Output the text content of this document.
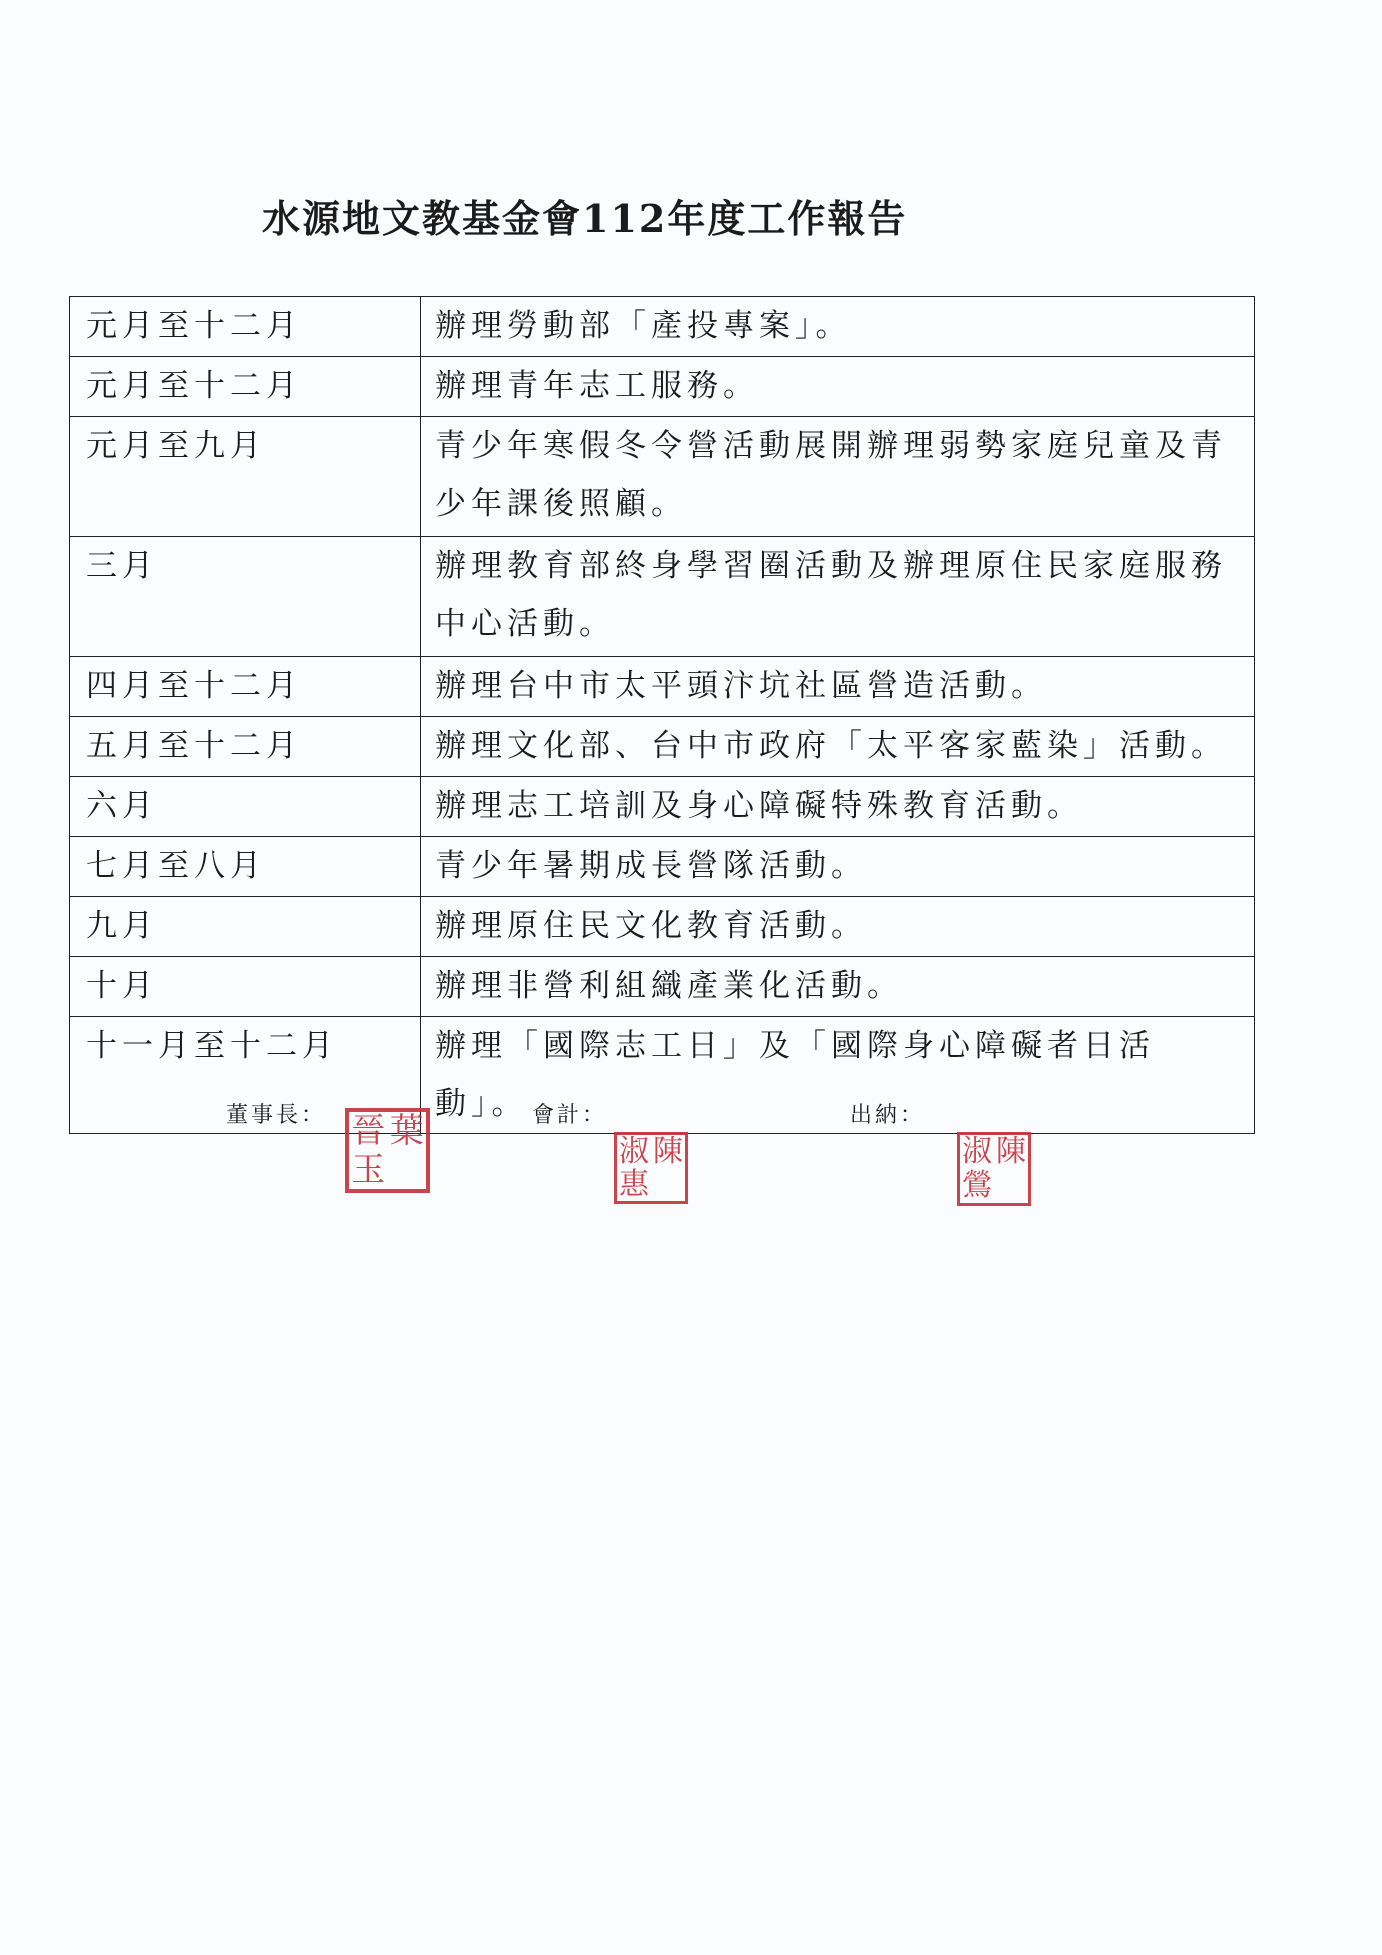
水源地文教基金會112年度工作報告
元月至十二月	辦理勞動部「產投專案」。
元月至十二月	辦理青年志工服務。
元月至九月	青少年寒假冬令營活動展開辦理弱勢家庭兒童及青少年課後照顧。
三月	辦理教育部終身學習圈活動及辦理原住民家庭服務中心活動。
四月至十二月	辦理台中市太平頭汴坑社區營造活動。
五月至十二月	辦理文化部、台中市政府「太平客家藍染」活動。
六月	辦理志工培訓及身心障礙特殊教育活動。
七月至八月	青少年暑期成長營隊活動。
九月	辦理原住民文化教育活動。
十月	辦理非營利組織產業化活動。
十一月至十二月	辦理「國際志工日」及「國際身心障礙者日活動」。
董事長：	會計：	出納：
晉
玉
葉	淑
惠
陳	淑
鶯
陳
